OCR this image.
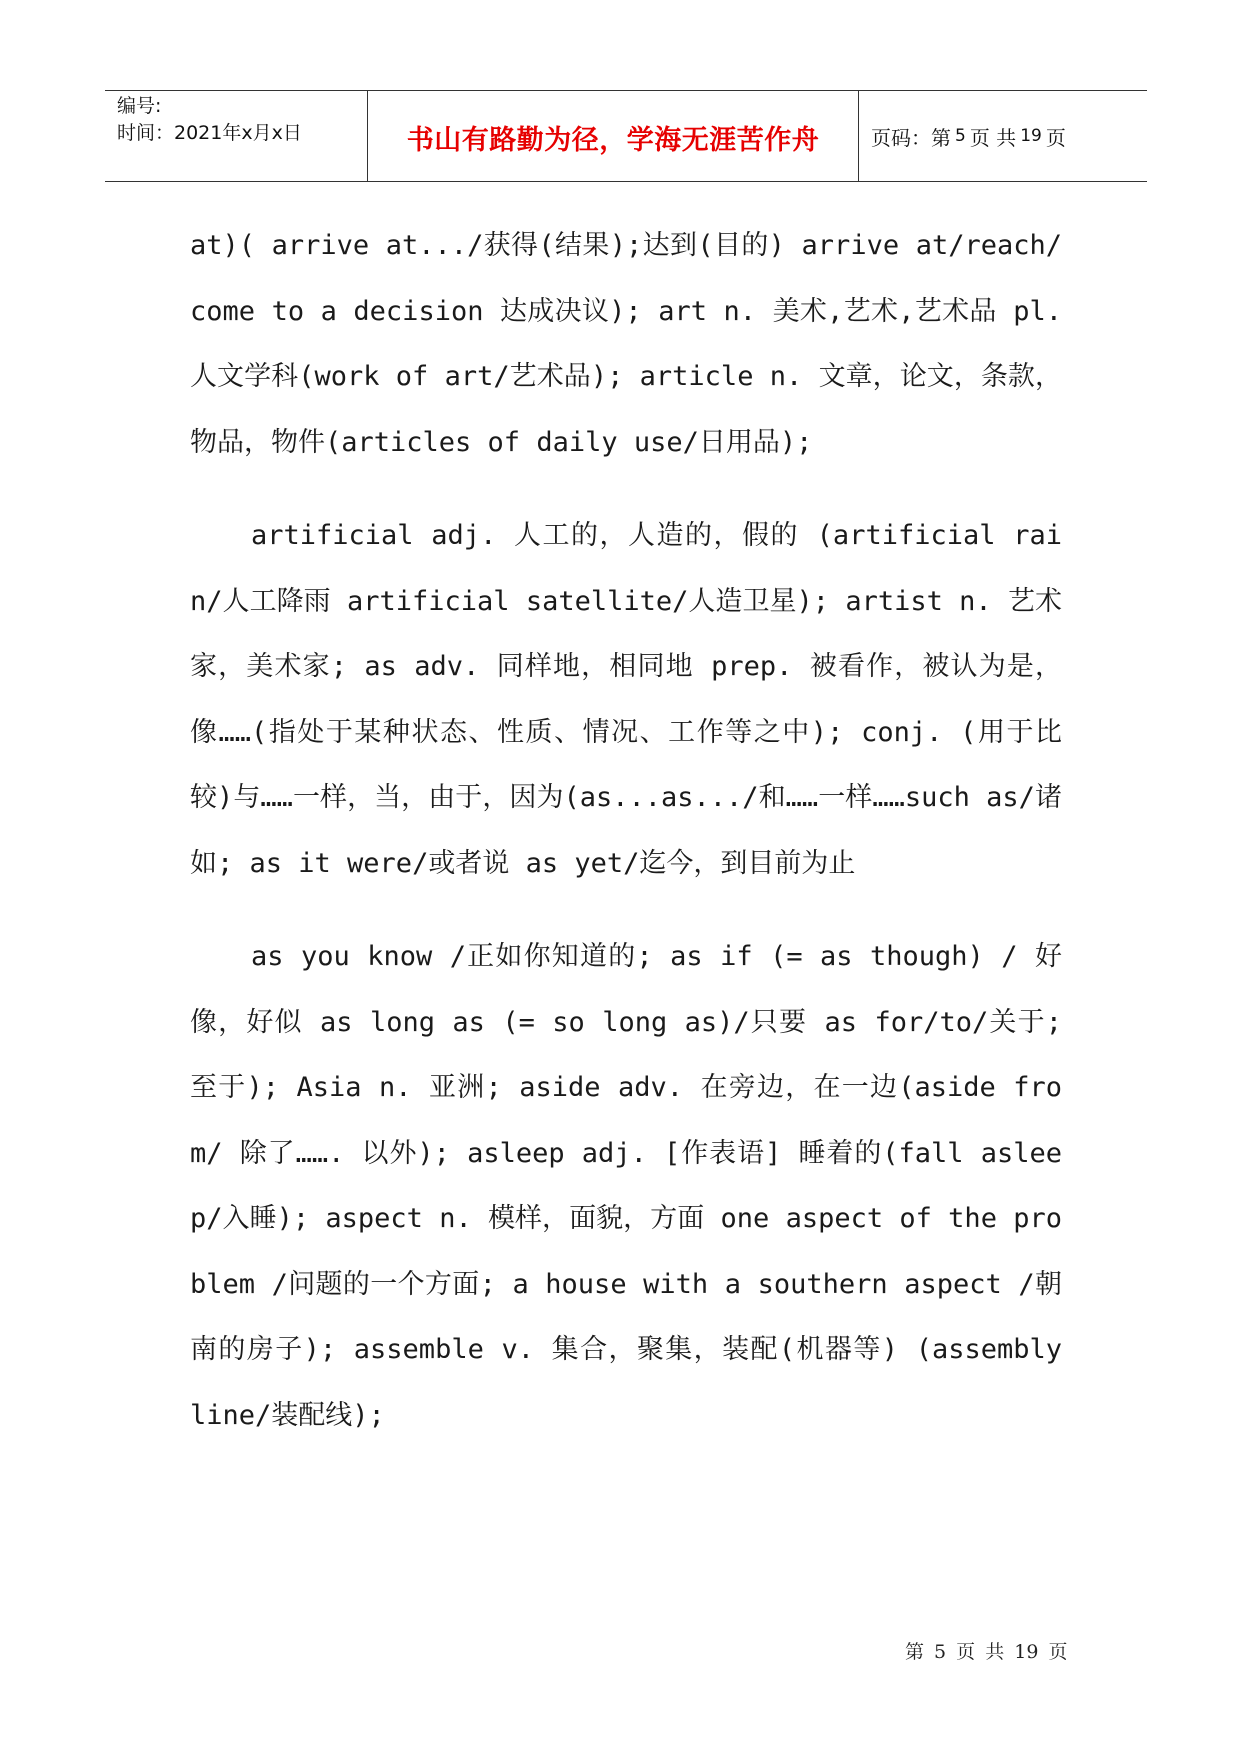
编号:
时间：2021年x月x日	书山有路勤为径，学海无涯苦作舟	页码：第 5 页 共 19 页

at)( arrive at.../获得(结果);达到(目的) arrive at/reach/come to a decision 达成决议); art n. 美术,艺术,艺术品 pl. 人文学科(work of art/艺术品); article n. 文章，论文，条款，物品，物件(articles of daily use/日用品);

artificial adj. 人工的，人造的，假的 (artificial rain/人工降雨 artificial satellite/人造卫星); artist n. 艺术家，美术家; as adv. 同样地，相同地 prep. 被看作，被认为是，像……(指处于某种状态、性质、情况、工作等之中); conj. (用于比较)与……一样，当，由于，因为(as...as.../和……一样……such as/诸如; as it were/或者说 as yet/迄今，到目前为止

as you know /正如你知道的; as if (= as though) / 好像，好似 as long as (= so long as)/只要 as for/to/关于;至于); Asia n. 亚洲; aside adv. 在旁边，在一边(aside from/ 除了……. 以外); asleep adj. [作表语] 睡着的(fall asleep/入睡); aspect n. 模样，面貌，方面 one aspect of the problem /问题的一个方面; a house with a southern aspect /朝南的房子); assemble v. 集合，聚集，装配(机器等) (assembly line/装配线);

第 5 页 共 19 页
